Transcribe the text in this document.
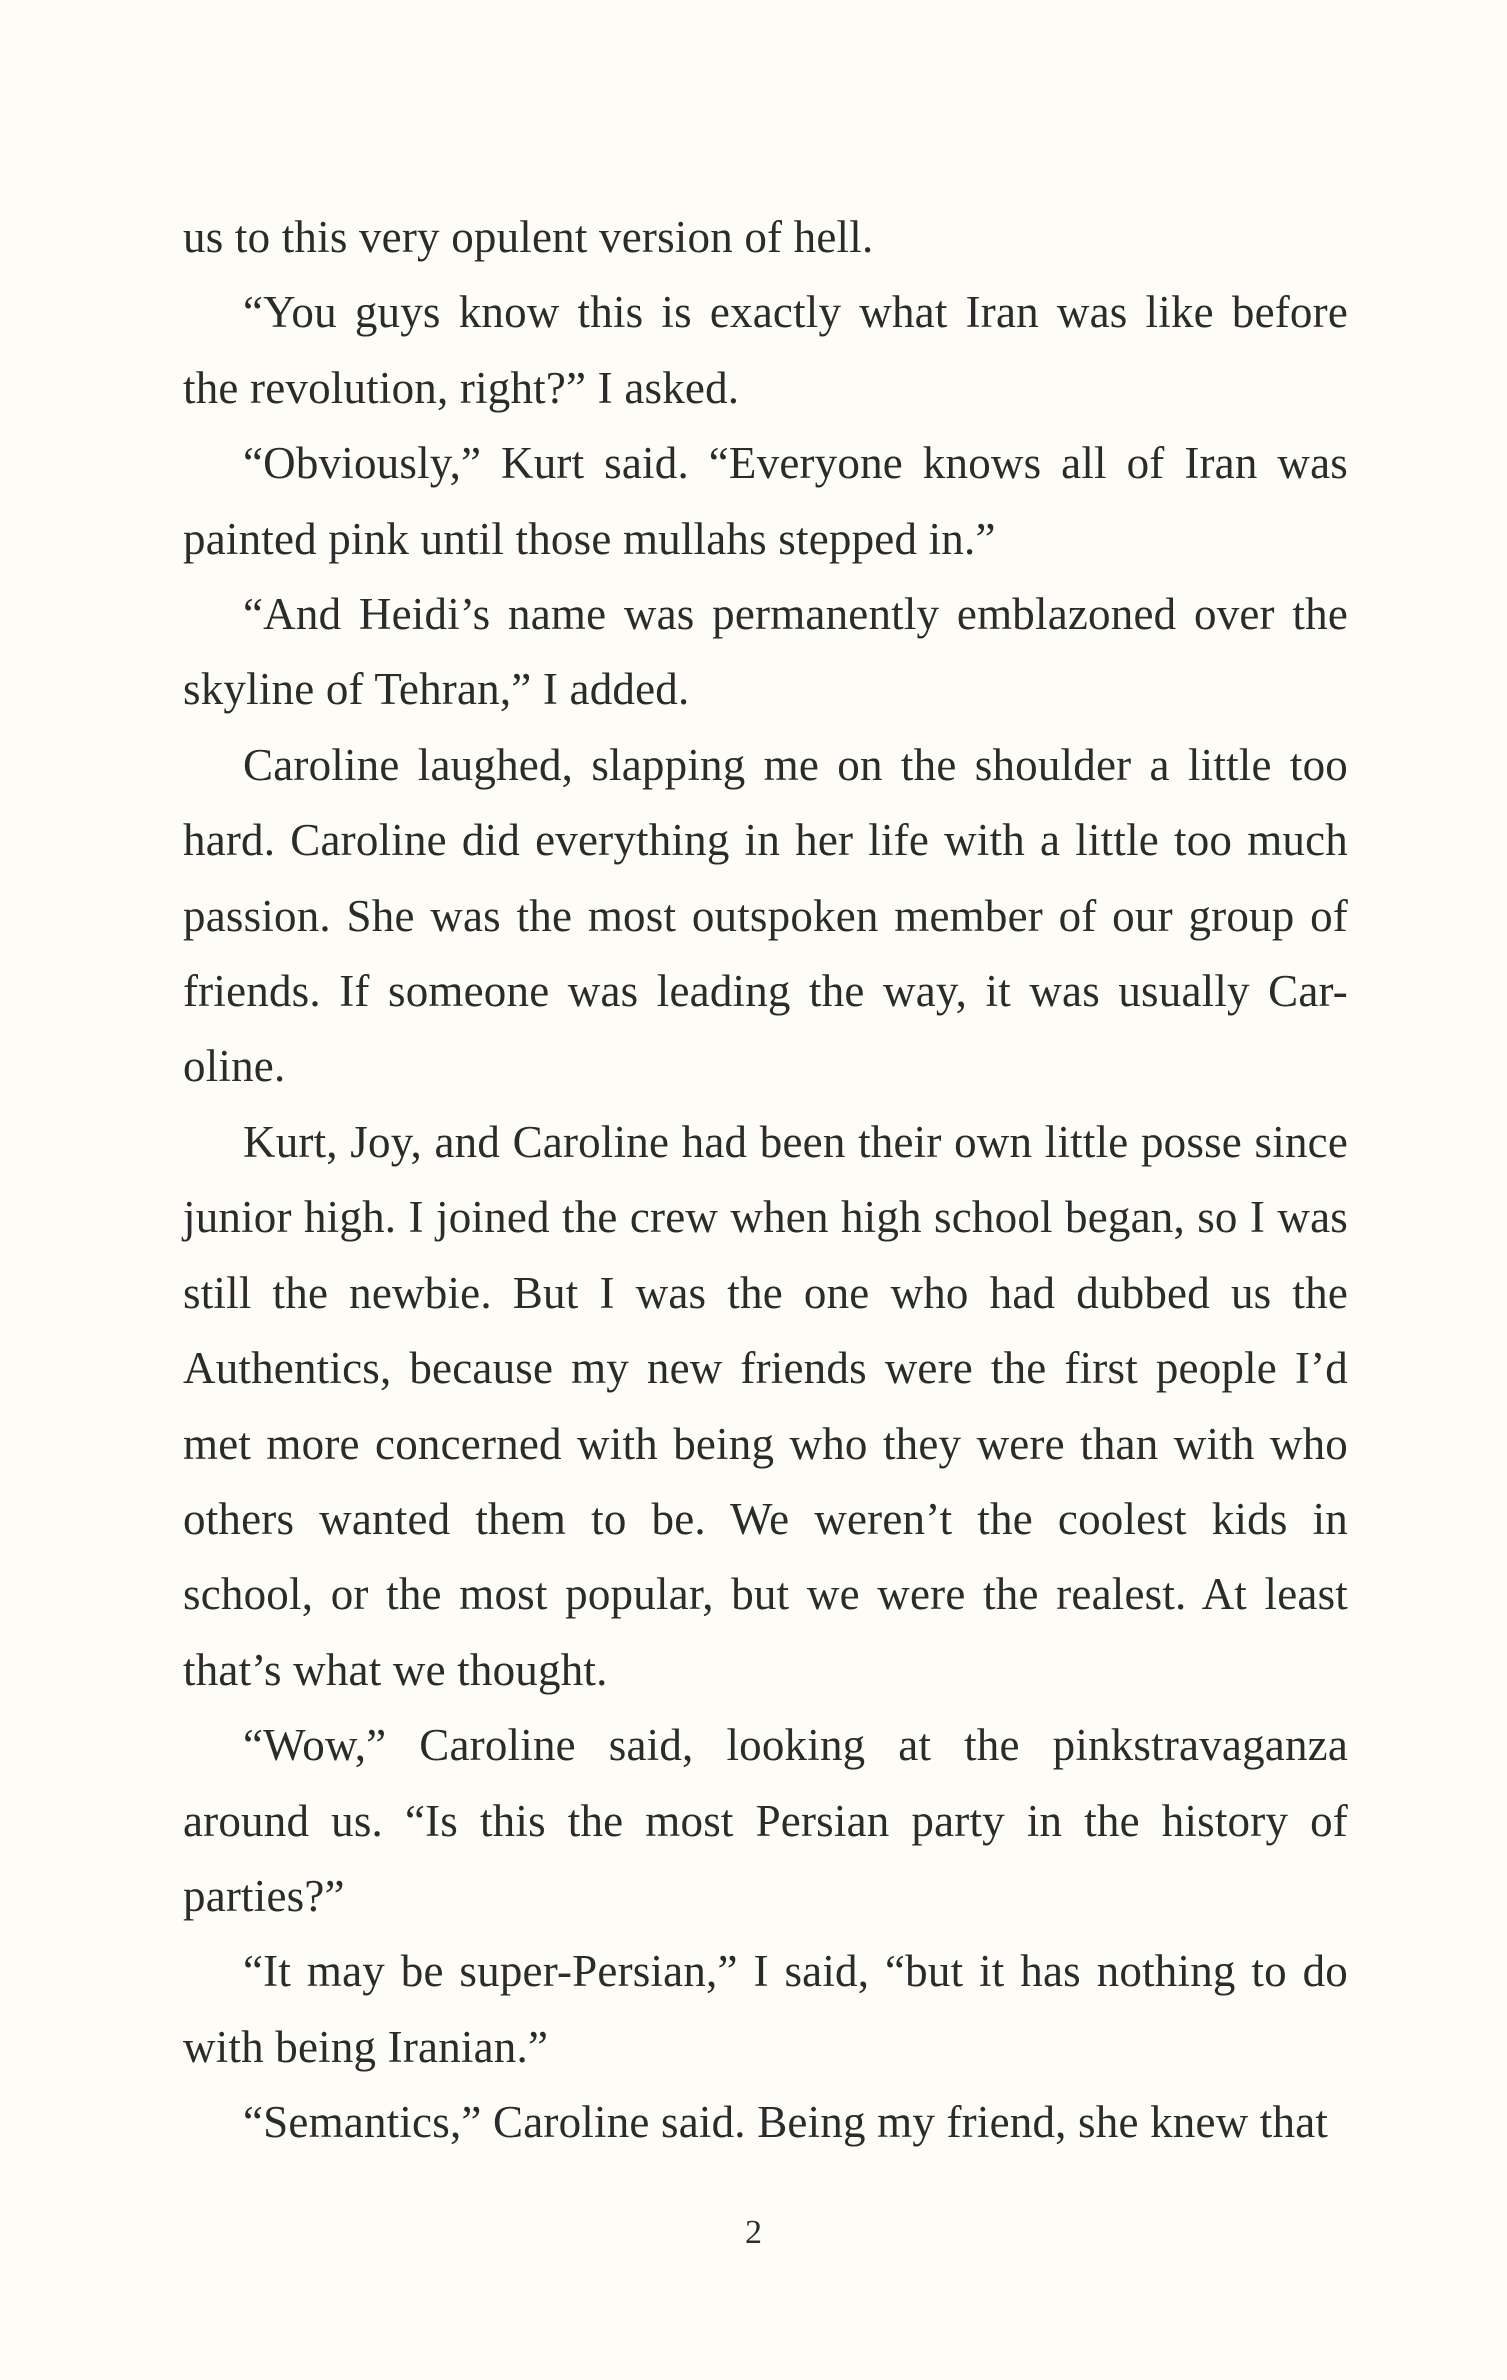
us to this very opulent version of hell.

“You guys know this is exactly what Iran was like before the revolution, right?” I asked.

“Obviously,” Kurt said. “Everyone knows all of Iran was painted pink until those mullahs stepped in.”

“And Heidi’s name was permanently emblazoned over the skyline of Tehran,” I added.

Caroline laughed, slapping me on the shoulder a little too hard. Caroline did everything in her life with a little too much passion. She was the most outspoken member of our group of friends. If someone was leading the way, it was usually Car-oline.

Kurt, Joy, and Caroline had been their own little posse since junior high. I joined the crew when high school began, so I was still the newbie. But I was the one who had dubbed us the Authentics, because my new friends were the first people I’d met more concerned with being who they were than with who others wanted them to be. We weren’t the coolest kids in school, or the most popular, but we were the realest. At least that’s what we thought.

“Wow,” Caroline said, looking at the pinkstravaganza around us. “Is this the most Persian party in the history of parties?”

“It may be super-Persian,” I said, “but it has nothing to do with being Iranian.”

“Semantics,” Caroline said. Being my friend, she knew that

2
